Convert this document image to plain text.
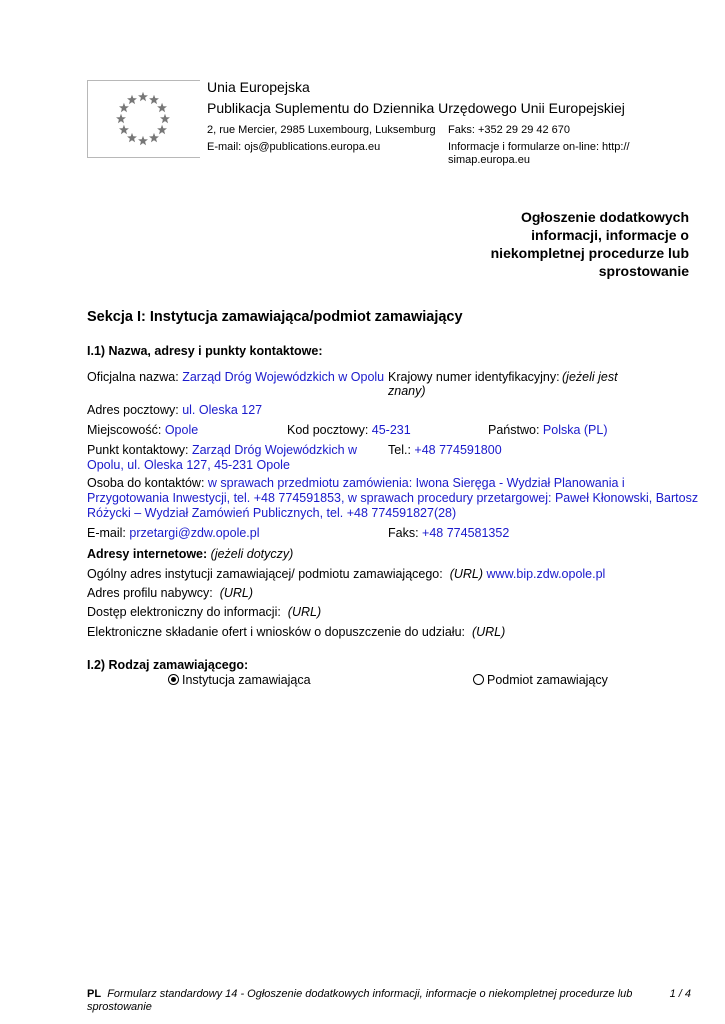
Unia Europejska
Publikacja Suplementu do Dziennika Urzędowego Unii Europejskiej
2, rue Mercier, 2985 Luxembourg, Luksemburg Faks: +352 29 29 42 670
E-mail: ojs@publications.europa.eu	Informacje i formularze on-line: http://
simap.europa.eu
Ogłoszenie dodatkowych
informacji, informacje o
niekompletnej procedurze lub
sprostowanie
Sekcja I: Instytucja zamawiająca/podmiot zamawiający
I.1) Nazwa, adresy i punkty kontaktowe:
Oficjalna nazwa: Zarząd Dróg Wojewódzkich w Opolu Krajowy numer identyfikacyjny: (jeżeli jest
znany)
Adres pocztowy: ul. Oleska 127
Miejscowość: Opole	Kod pocztowy: 45-231	Państwo: Polska (PL)
Punkt kontaktowy: Zarząd Dróg Wojewódzkich w
Opolu, ul. Oleska 127, 45-231 Opole
Tel.: +48 774591800
Osoba do kontaktów: w sprawach przedmiotu zamówienia: Iwona Sieręga - Wydział Planowania i
Przygotowania Inwestycji, tel. +48 774591853, w sprawach procedury przetargowej: Paweł Kłonowski, Bartosz
Różycki – Wydział Zamówień Publicznych, tel. +48 774591827(28)
E-mail: przetargi@zdw.opole.pl	Faks: +48 774581352
Adresy internetowe: (jeżeli dotyczy)
Ogólny adres instytucji zamawiającej/ podmiotu zamawiającego: (URL) www.bip.zdw.opole.pl
Adres profilu nabywcy: (URL)
Dostęp elektroniczny do informacji: (URL)
Elektroniczne składanie ofert i wniosków o dopuszczenie do udziału: (URL)
I.2) Rodzaj zamawiającego:
Instytucja zamawiająca	Podmiot zamawiający
PL Formularz standardowy 14 - Ogłoszenie dodatkowych informacji, informacje o niekompletnej procedurze lub
sprostowanie
1 / 4
